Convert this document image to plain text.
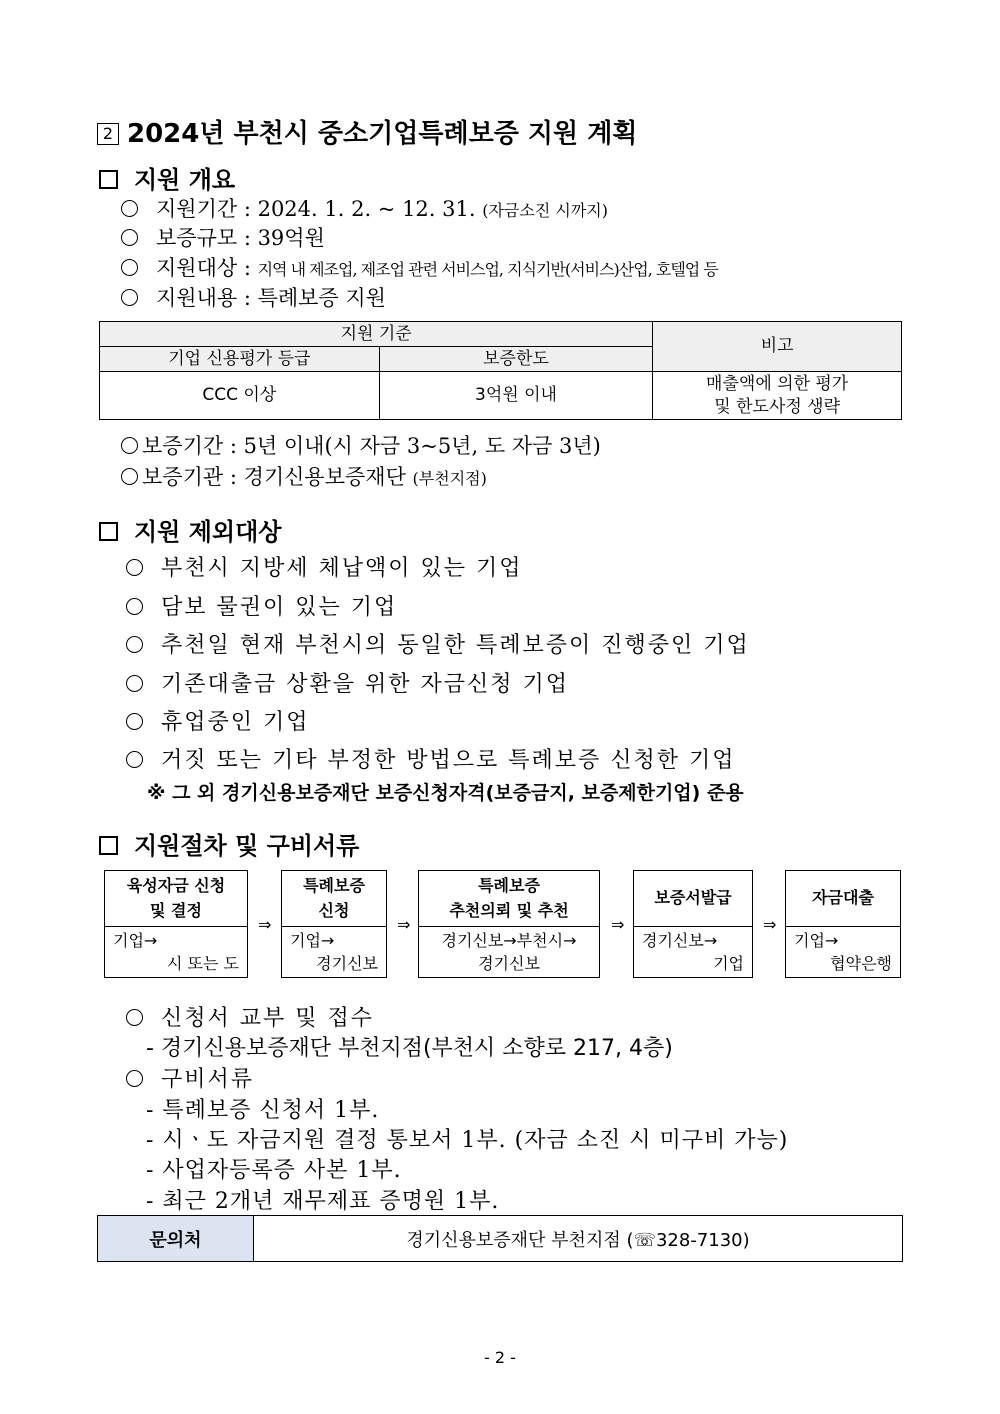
2 2024년 부천시 중소기업특례보증 지원 계획
지원 개요
지원기간 : 2024. 1. 2. ~ 12. 31. (자금소진 시까지)
보증규모 : 39억원
지원대상 : 지역 내 제조업, 제조업 관련 서비스업, 지식기반(서비스)산업, 호텔업 등
지원내용 : 특례보증 지원
지원 기준		비고
기업 신용평가 등급	보증한도	
CCC 이상	3억원 이내	매출액에 의한 평가
및 한도사정 생략
보증기간 : 5년 이내(시 자금 3~5년, 도 자금 3년)
보증기관 : 경기신용보증재단 (부천지점)
지원 제외대상
부천시 지방세 체납액이 있는 기업
담보 물권이 있는 기업
추천일 현재 부천시의 동일한 특례보증이 진행중인 기업
기존대출금 상환을 위한 자금신청 기업
휴업중인 기업
거짓 또는 기타 부정한 방법으로 특례보증 신청한 기업
※ 그 외 경기신용보증재단 보증신청자격(보증금지, 보증제한기업) 준용
지원절차 및 구비서류
육성자금 신청
및 결정
기업→
시 또는 도
⇒
특례보증
신청
기업→
경기신보
⇒
특례보증
추천의뢰 및 추천
경기신보→부천시→
경기신보
⇒
보증서발급
경기신보→
기업
⇒
자금대출
기업→
협약은행
신청서 교부 및 접수
- 경기신용보증재단 부천지점(부천시 소향로 217, 4층)
구비서류
- 특례보증 신청서 1부.
- 시ㆍ도 자금지원 결정 통보서 1부. (자금 소진 시 미구비 가능)
- 사업자등록증 사본 1부.
- 최근 2개년 재무제표 증명원 1부.
문의처	경기신용보증재단 부천지점 (☏328-7130)
- 2 -
